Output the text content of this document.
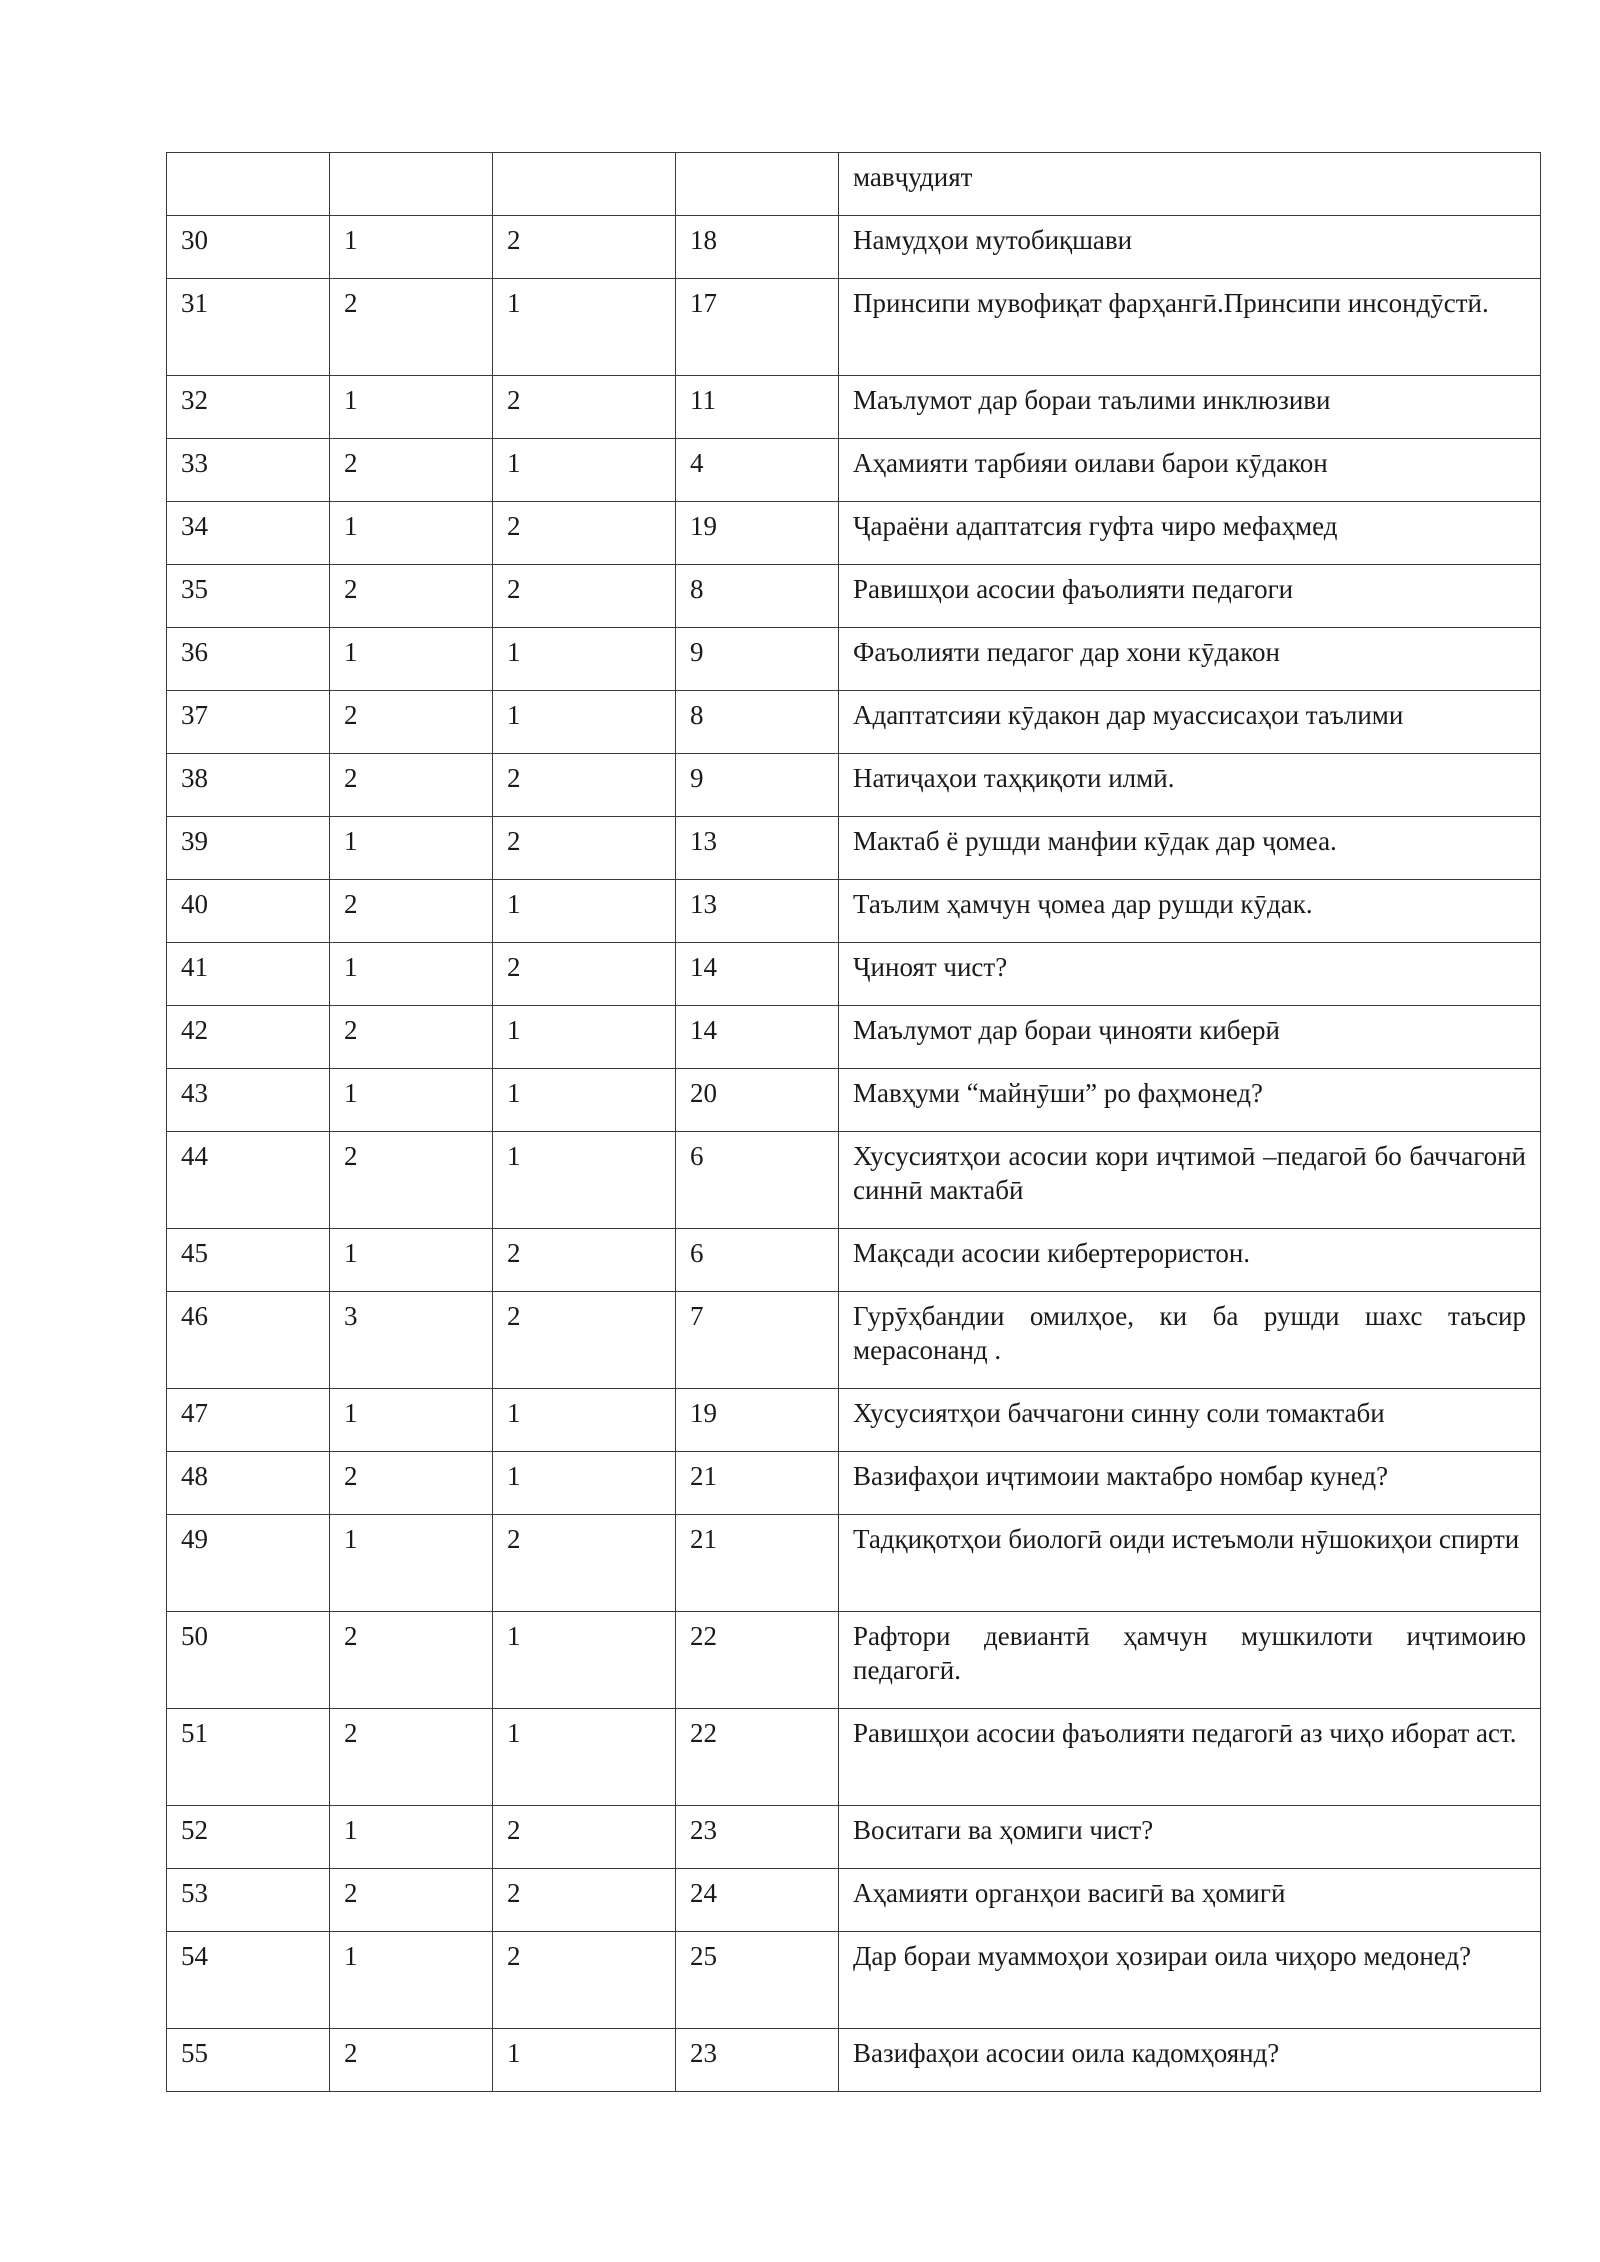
				мавҷудият
30	1	2	18	Намудҳои мутобиқшави
31	2	1	17	Принсипи мувофиқат фарҳангӣ.Принсипи инсондӯстӣ.
32	1	2	11	Маълумот дар бораи таълими инклюзиви
33	2	1	4	Аҳамияти тарбияи оилави барои кӯдакон
34	1	2	19	Ҷараёни адаптатсия гуфта чиро мефаҳмед
35	2	2	8	Равишҳои асосии фаъолияти педагоги
36	1	1	9	Фаъолияти педагог дар хони кӯдакон
37	2	1	8	Адаптатсияи кӯдакон дар муассисаҳои таълими
38	2	2	9	Натиҷаҳои таҳқиқоти илмӣ.
39	1	2	13	Мактаб ё рушди манфии кӯдак дар ҷомеа.
40	2	1	13	Таълим ҳамчун ҷомеа дар рушди кӯдак.
41	1	2	14	Ҷиноят чист?
42	2	1	14	Маълумот дар бораи ҷинояти киберӣ
43	1	1	20	Мавҳуми “майнӯши” ро фаҳмонед?
44	2	1	6	Хусусиятҳои асосии кори иҷтимоӣ –педагоӣ бо баччагонӣ синнӣ мактабӣ
45	1	2	6	Мақсади асосии кибертерористон.
46	3	2	7	Гурӯҳбандии омилҳое, ки ба рушди шахс таъсир мерасонанд .
47	1	1	19	Хусусиятҳои баччагони синну соли томактаби
48	2	1	21	Вазифаҳои иҷтимоии мактабро номбар кунед?
49	1	2	21	Тадқиқотҳои биологӣ оиди истеъмоли нӯшокиҳои спирти
50	2	1	22	Рафтори девиантӣ ҳамчун мушкилоти иҷтимоию педагогӣ.
51	2	1	22	Равишҳои асосии фаъолияти педагогӣ аз чиҳо иборат аст.
52	1	2	23	Воситаги ва ҳомиги чист?
53	2	2	24	Аҳамияти органҳои васигӣ ва ҳомигӣ
54	1	2	25	Дар бораи муаммоҳои ҳозираи оила чиҳоро медонед?
55	2	1	23	Вазифаҳои асосии оила кадомҳоянд?
